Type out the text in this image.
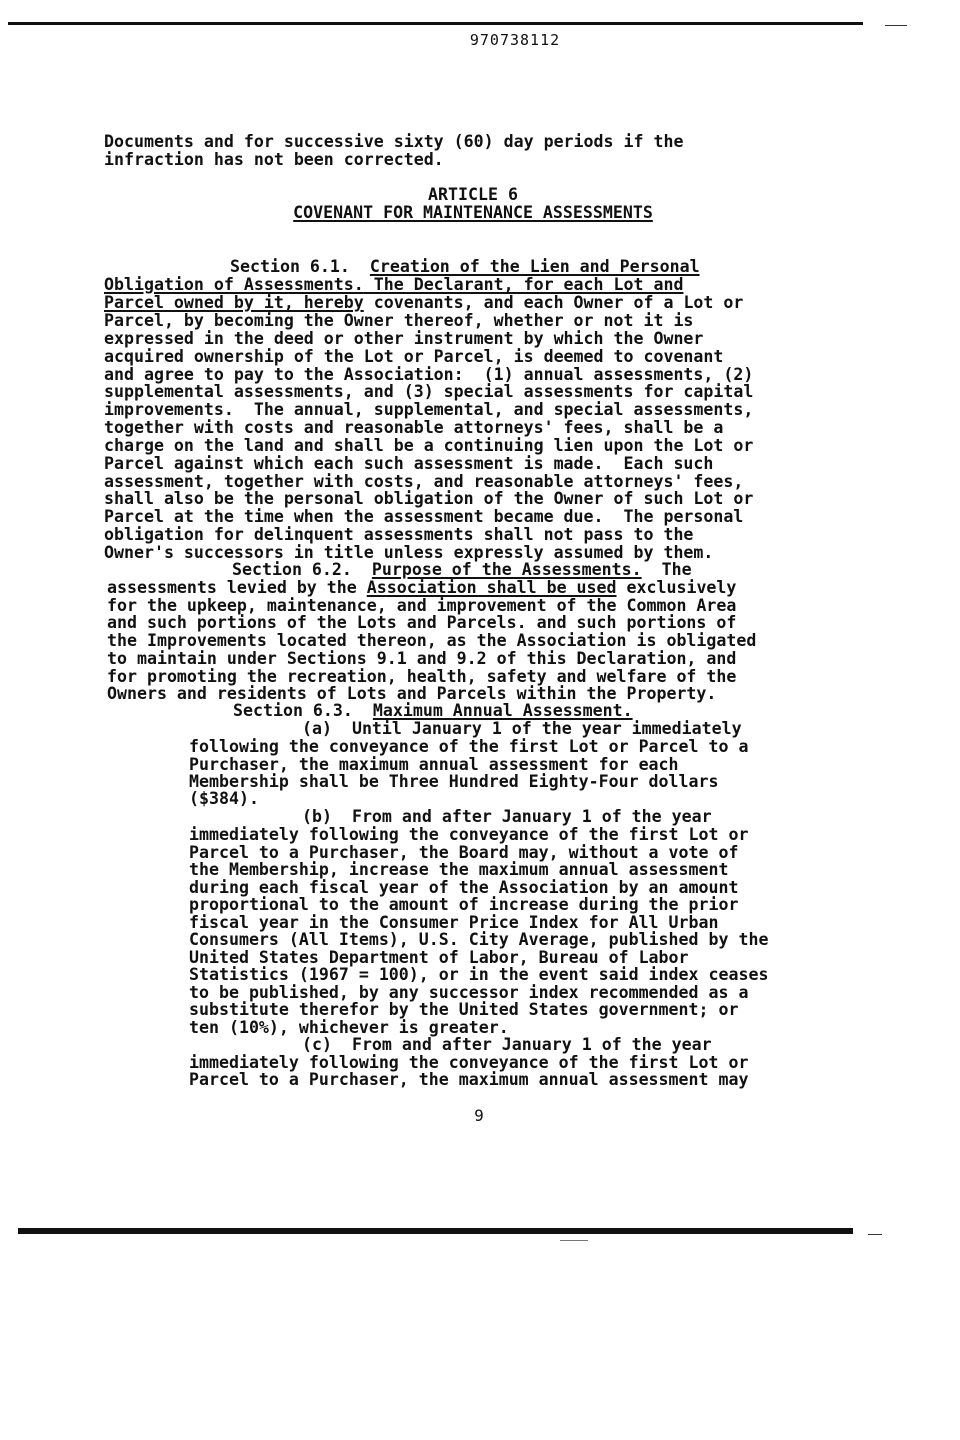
970738112
Documents and for successive sixty (60) day periods if the
infraction has not been corrected.
ARTICLE 6
COVENANT FOR MAINTENANCE ASSESSMENTS
Section 6.1. Creation of the Lien and Personal
Obligation of Assessments. The Declarant, for each Lot and
Parcel owned by it, hereby covenants, and each Owner of a Lot or
Parcel, by becoming the Owner thereof, whether or not it is
expressed in the deed or other instrument by which the Owner
acquired ownership of the Lot or Parcel, is deemed to covenant
and agree to pay to the Association:  (1) annual assessments, (2)
supplemental assessments, and (3) special assessments for capital
improvements.  The annual, supplemental, and special assessments,
together with costs and reasonable attorneys' fees, shall be a
charge on the land and shall be a continuing lien upon the Lot or
Parcel against which each such assessment is made.  Each such
assessment, together with costs, and reasonable attorneys' fees,
shall also be the personal obligation of the Owner of such Lot or
Parcel at the time when the assessment became due.  The personal
obligation for delinquent assessments shall not pass to the
Owner's successors in title unless expressly assumed by them.
Section 6.2. Purpose of the Assessments.  The
assessments levied by the Association shall be used exclusively
for the upkeep, maintenance, and improvement of the Common Area
and such portions of the Lots and Parcels. and such portions of
the Improvements located thereon, as the Association is obligated
to maintain under Sections 9.1 and 9.2 of this Declaration, and
for promoting the recreation, health, safety and welfare of the
Owners and residents of Lots and Parcels within the Property.
Section 6.3. Maximum Annual Assessment.
(a)  Until January 1 of the year immediately
following the conveyance of the first Lot or Parcel to a
Purchaser, the maximum annual assessment for each
Membership shall be Three Hundred Eighty-Four dollars
($384).
(b)  From and after January 1 of the year
immediately following the conveyance of the first Lot or
Parcel to a Purchaser, the Board may, without a vote of
the Membership, increase the maximum annual assessment
during each fiscal year of the Association by an amount
proportional to the amount of increase during the prior
fiscal year in the Consumer Price Index for All Urban
Consumers (All Items), U.S. City Average, published by the
United States Department of Labor, Bureau of Labor
Statistics (1967 = 100), or in the event said index ceases
to be published, by any successor index recommended as a
substitute therefor by the United States government; or
ten (10%), whichever is greater.
(c)  From and after January 1 of the year
immediately following the conveyance of the first Lot or
Parcel to a Purchaser, the maximum annual assessment may
9
